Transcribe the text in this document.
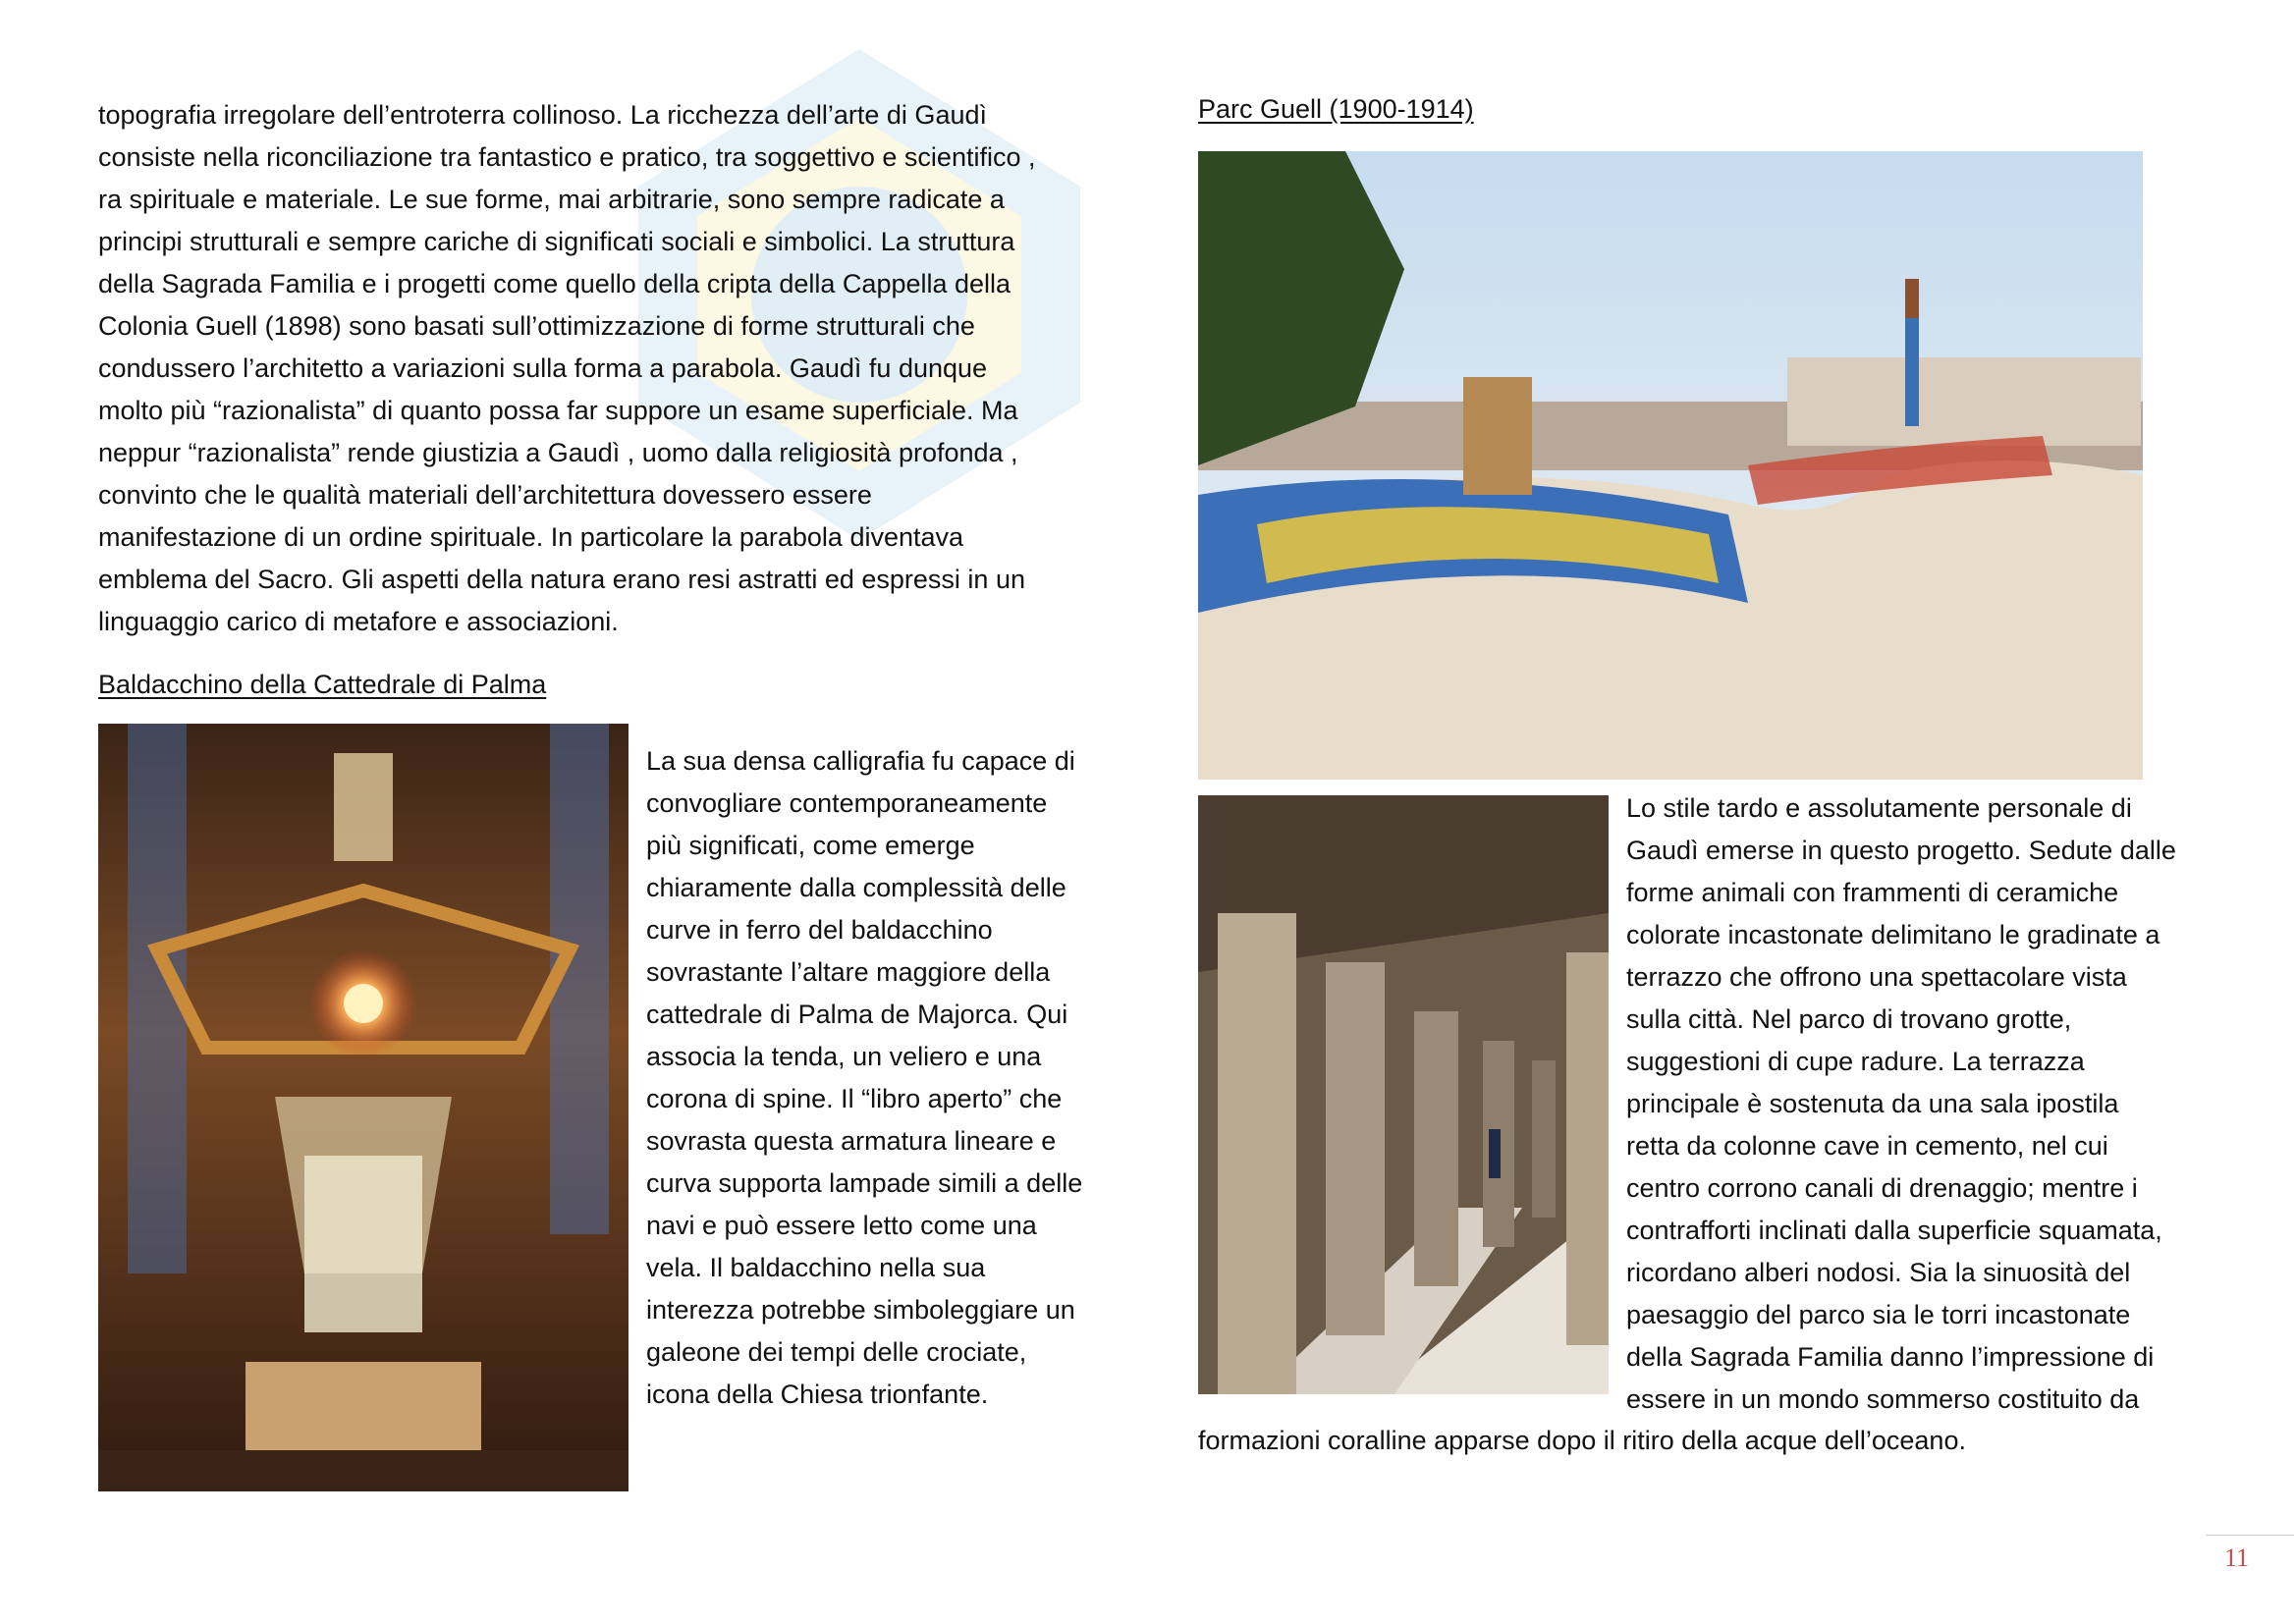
topografia irregolare dell’entroterra collinoso. La ricchezza dell’arte di Gaudì
consiste nella riconciliazione tra fantastico e pratico, tra soggettivo e scientifico ,
ra spirituale e materiale. Le sue forme, mai arbitrarie, sono sempre radicate a
principi strutturali e sempre cariche di significati sociali e simbolici. La struttura
della Sagrada Familia e i progetti come quello della cripta della Cappella della
Colonia Guell (1898) sono basati sull’ottimizzazione di forme strutturali che
condussero l’architetto a variazioni sulla forma a parabola. Gaudì fu dunque
molto più “razionalista” di quanto possa far suppore un esame superficiale. Ma
neppur “razionalista” rende giustizia a Gaudì , uomo dalla religiosità profonda ,
convinto che le qualità materiali dell’architettura dovessero essere
manifestazione di un ordine spirituale. In particolare la parabola diventava
emblema del Sacro. Gli aspetti della natura erano resi astratti ed espressi in un
linguaggio carico di metafore e associazioni.
Baldacchino della Cattedrale di Palma
La sua densa calligrafia fu capace di
convogliare contemporaneamente
più significati, come emerge
chiaramente dalla complessità delle
curve in ferro del baldacchino
sovrastante l’altare maggiore della
cattedrale di Palma de Majorca. Qui
associa la tenda, un veliero e una
corona di spine. Il “libro aperto” che
sovrasta questa armatura lineare e
curva supporta lampade simili a delle
navi e può essere letto come una
vela. Il baldacchino nella sua
interezza potrebbe simboleggiare un
galeone dei tempi delle crociate,
icona della Chiesa trionfante.
Parc Guell (1900-1914)
Lo stile tardo e assolutamente personale di
Gaudì emerse in questo progetto. Sedute dalle
forme animali con frammenti di ceramiche
colorate incastonate delimitano le gradinate a
terrazzo che offrono una spettacolare vista
sulla città. Nel parco di trovano grotte,
suggestioni di cupe radure. La terrazza
principale è sostenuta da una sala ipostila
retta da colonne cave in cemento, nel cui
centro corrono canali di drenaggio; mentre i
contrafforti inclinati dalla superficie squamata,
ricordano alberi nodosi. Sia la sinuosità del
paesaggio del parco sia le torri incastonate
della Sagrada Familia danno l’impressione di
essere in un mondo sommerso costituito da
formazioni coralline apparse dopo il ritiro della acque dell’oceano.
11
